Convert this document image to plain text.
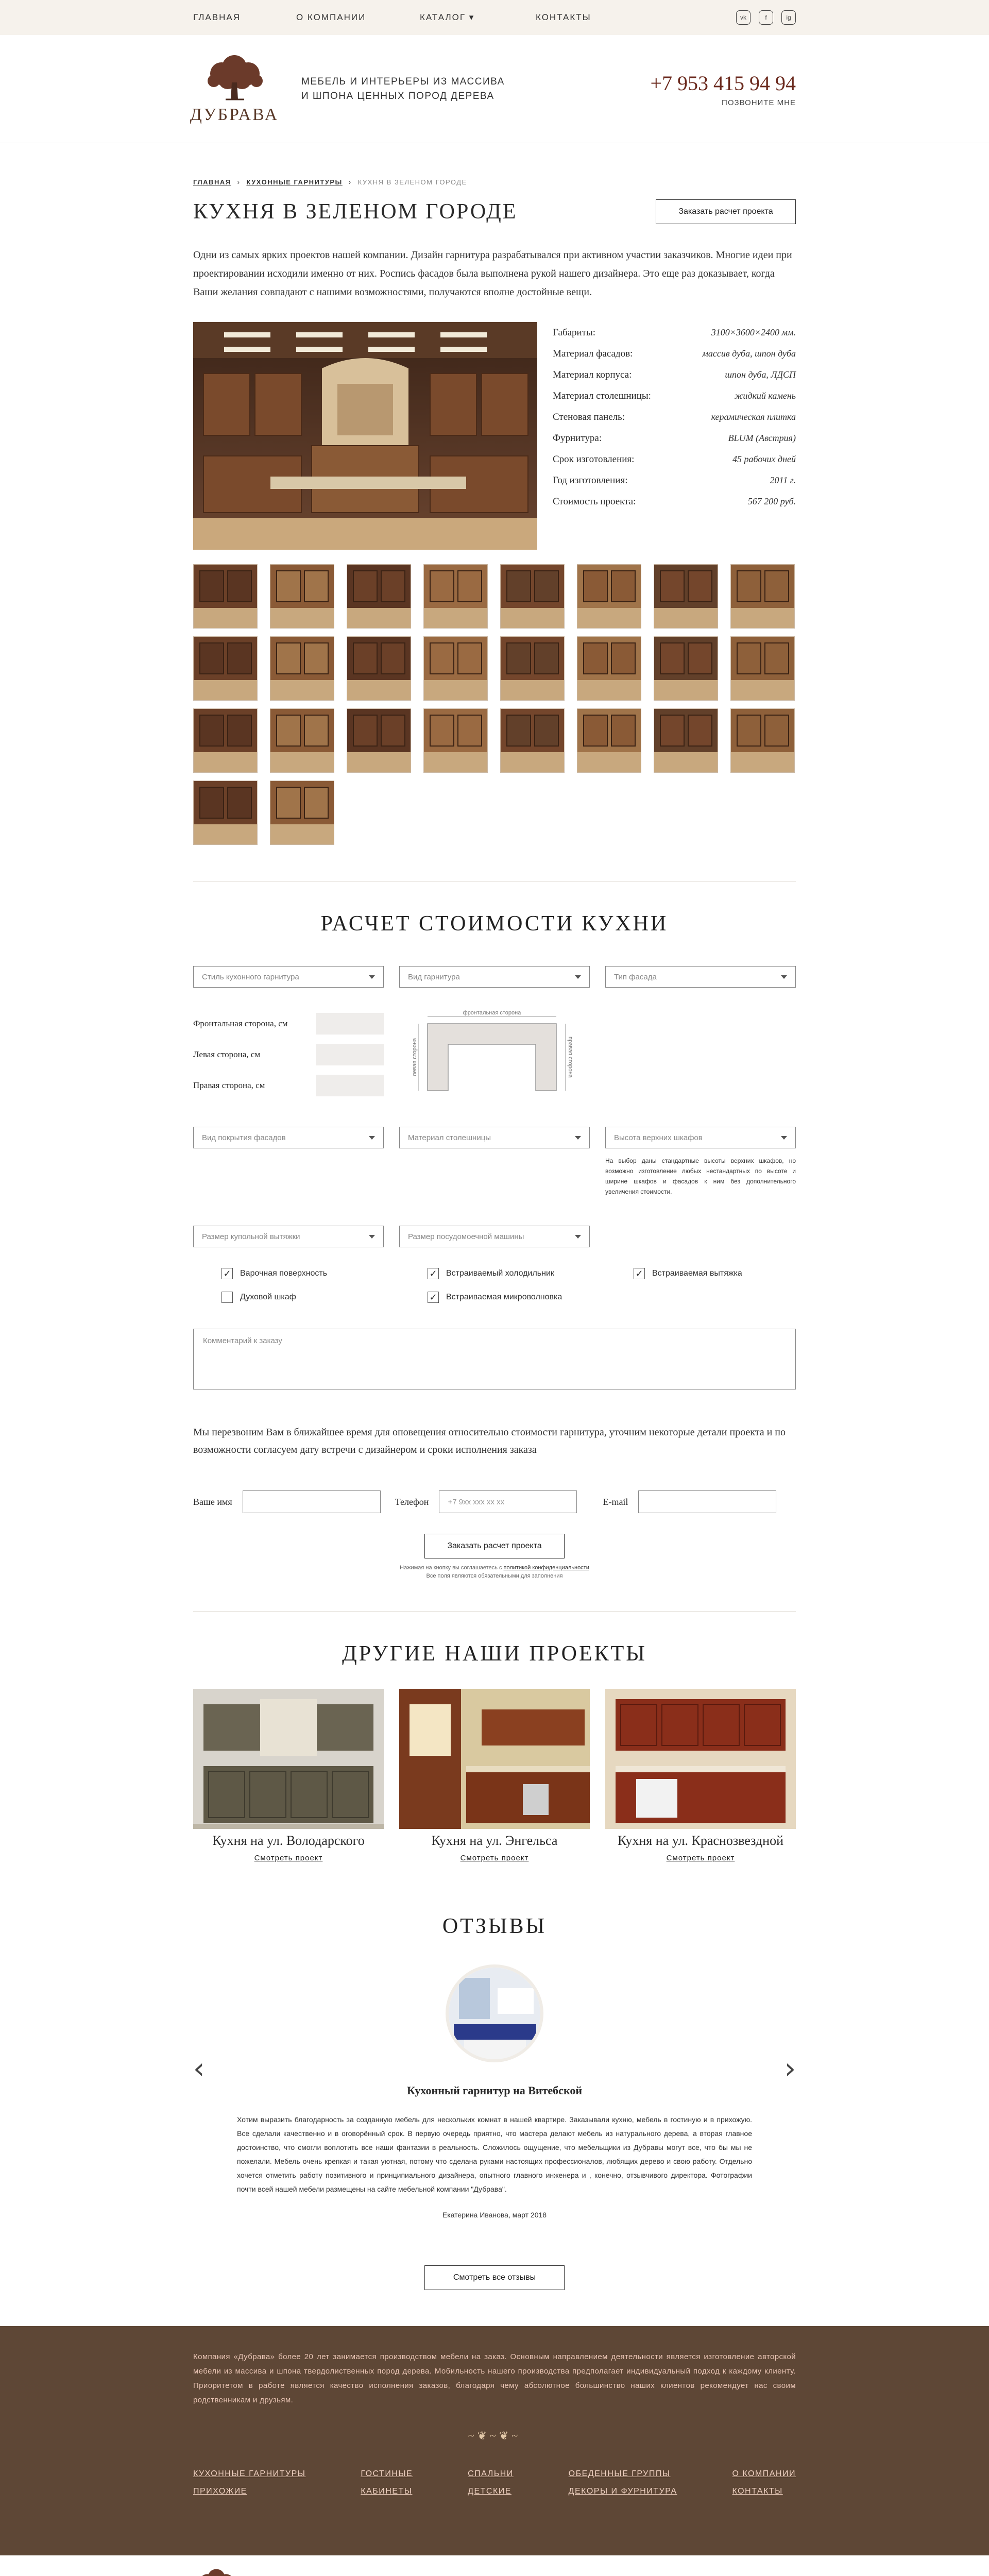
ГЛАВНАЯ	О КОМПАНИИ	КАТАЛОГ ▾	КОНТАКТЫ	vk	f	ig
ДУБРАВА
МЕБЕЛЬ И ИНТЕРЬЕРЫ ИЗ МАССИВА
И ШПОНА ЦЕННЫХ ПОРОД ДЕРЕВА
+7 953 415 94 94
ПОЗВОНИТЕ МНЕ
ГЛАВНАЯ › КУХОННЫЕ ГАРНИТУРЫ › КУХНЯ В ЗЕЛЕНОМ ГОРОДЕ
КУХНЯ В ЗЕЛЕНОМ ГОРОДЕ	Заказать расчет проекта

Одни из самых ярких проектов нашей компании. Дизайн гарнитура разрабатывался при активном участии заказчиков. Многие идеи при проектировании исходили именно от них. Роспись фасадов была выполнена рукой нашего дизайнера. Это еще раз доказывает, когда Ваши желания совпадают с нашими возможностями, получаются вполне достойные вещи.

Габариты:	3100×3600×2400 мм.
Материал фасадов:	массив дуба, шпон дуба
Материал корпуса:	шпон дуба, ЛДСП
Материал столешницы:	жидкий камень
Стеновая панель:	керамическая плитка
Фурнитура:	BLUM (Австрия)
Срок изготовления:	45 рабочих дней
Год изготовления:	2011 г.
Стоимость проекта:	567 200 руб.
РАСЧЕТ СТОИМОСТИ КУХНИ
Стиль кухонного гарнитура	Вид гарнитура	Тип фасада
Фронтальная сторона, см
Левая сторона, см
Правая сторона, см
фронтальная сторона
левая сторона	правая сторона
Вид покрытия фасадов	Материал столешницы	Высота верхних шкафов
На выбор даны стандартные высоты верхних шкафов, но возможно изготовление любых нестандартных по высоте и ширине шкафов и фасадов к ним без дополнительного увеличения стоимости.
Размер купольной вытяжки	Размер посудомоечной машины
✓ Варочная поверхность	✓ Встраиваемый холодильник	✓ Встраиваемая вытяжка
Духовой шкаф	✓ Встраиваемая микроволновка
Комментарий к заказу

Мы перезвоним Вам в ближайшее время для оповещения относительно стоимости гарнитура, уточним некоторые детали проекта и по возможности согласуем дату встречи с дизайнером и сроки исполнения заказа

Ваше имя	Телефон	+7 9хх ххх хх хх	E-mail
Заказать расчет проекта
Нажимая на кнопку вы соглашаетесь с политикой конфиденциальности
Все поля являются обязательными для заполнения
ДРУГИЕ НАШИ ПРОЕКТЫ
Кухня на ул. Володарского
Смотреть проект
Кухня на ул. Энгельса
Смотреть проект
Кухня на ул. Краснозвездной
Смотреть проект
ОТЗЫВЫ
‹	›
Кухонный гарнитур на Витебской
Хотим выразить благодарность за созданную мебель для нескольких комнат в нашей квартире. Заказывали кухню, мебель в гостиную и в прихожую. Все сделали качественно и в оговорённый срок. В первую очередь приятно, что мастера делают мебель из натурального дерева, а вторая главное достоинство, что смогли воплотить все наши фантазии в реальность. Сложилось ощущение, что мебельщики из Дубравы могут все, что бы мы не пожелали. Мебель очень крепкая и такая уютная, потому что сделана руками настоящих профессионалов, любящих дерево и свою работу. Отдельно хочется отметить работу позитивного и принципиального дизайнера, опытного главного инженера и , конечно, отзывчивого директора. Фотографии почти всей нашей мебели размещены на сайте мебельной компании "Дубрава".
Екатерина Иванова, март 2018
Смотреть все отзывы

Компания «Дубрава» более 20 лет занимается производством мебели на заказ. Основным направлением деятельности является изготовление авторской мебели из массива и шпона твердолиственных пород дерева. Мобильность нашего производства предполагает индивидуальный подход к каждому клиенту. Приоритетом в работе является качество исполнения заказов, благодаря чему абсолютное большинство наших клиентов рекомендует нас своим родственникам и друзьям.

~❦~❦~
КУХОННЫЕ ГАРНИТУРЫ
ПРИХОЖИЕ
ГОСТИНЫЕ
КАБИНЕТЫ
СПАЛЬНИ
ДЕТСКИЕ
ОБЕДЕННЫЕ ГРУППЫ
ДЕКОРЫ И ФУРНИТУРА
О КОМПАНИИ
КОНТАКТЫ
